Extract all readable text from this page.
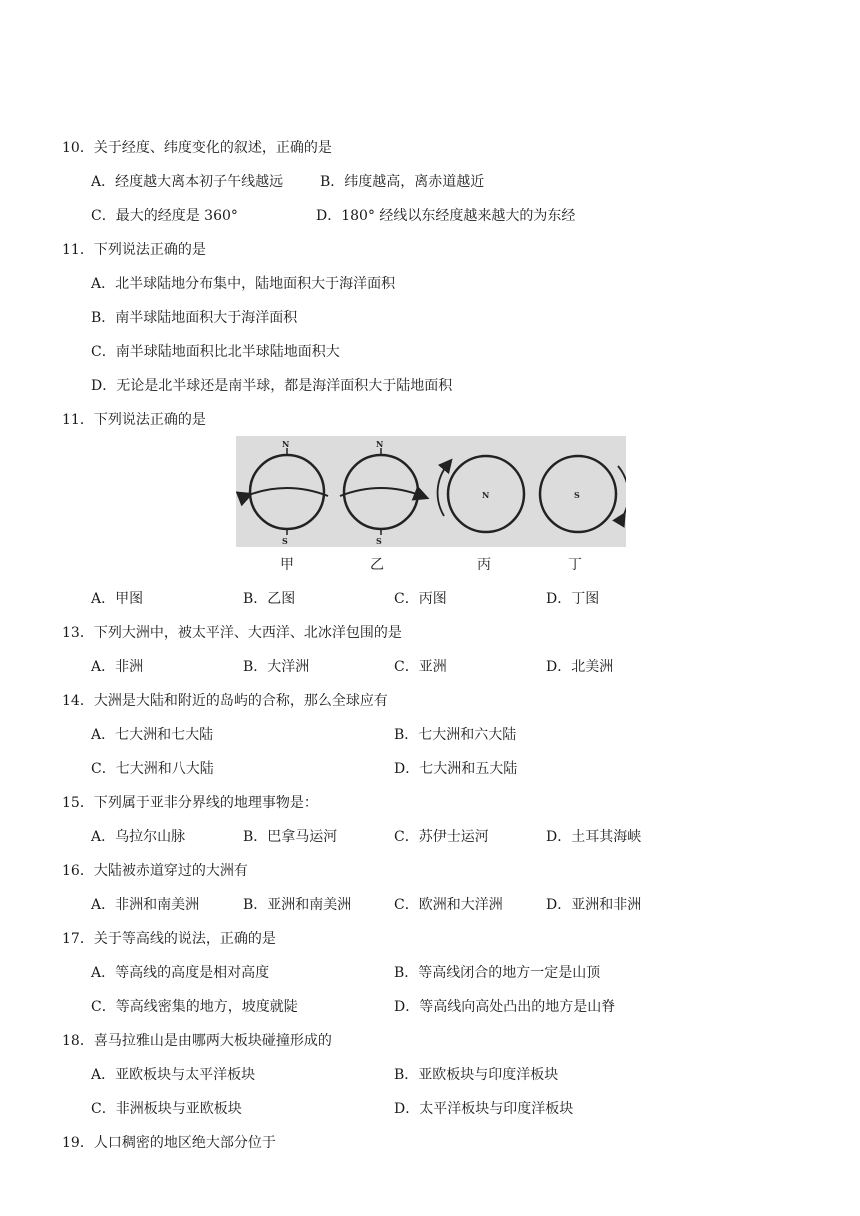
10．关于经度、纬度变化的叙述，正确的是
A．经度越大离本初子午线越远	B．纬度越高，离赤道越近
C．最大的经度是 360°	D．180° 经线以东经度越来越大的为东经
11．下列说法正确的是
A．北半球陆地分布集中，陆地面积大于海洋面积
B．南半球陆地面积大于海洋面积
C．南半球陆地面积比北半球陆地面积大
D．无论是北半球还是南半球，都是海洋面积大于陆地面积
11．下列说法正确的是
N
S
N
S
N	S
甲	乙	丙	丁
A．甲图	B．乙图	C．丙图	D．丁图
13．下列大洲中，被太平洋、大西洋、北冰洋包围的是
A．非洲	B．大洋洲	C．亚洲	D．北美洲
14．大洲是大陆和附近的岛屿的合称，那么全球应有
A．七大洲和七大陆	B．七大洲和六大陆
C．七大洲和八大陆	D．七大洲和五大陆
15．下列属于亚非分界线的地理事物是：
A．乌拉尔山脉	B．巴拿马运河	C．苏伊士运河	D．土耳其海峡
16．大陆被赤道穿过的大洲有
A．非洲和南美洲	B．亚洲和南美洲	C．欧洲和大洋洲	D．亚洲和非洲
17．关于等高线的说法，正确的是
A．等高线的高度是相对高度	B．等高线闭合的地方一定是山顶
C．等高线密集的地方，坡度就陡	D．等高线向高处凸出的地方是山脊
18．喜马拉雅山是由哪两大板块碰撞形成的
A．亚欧板块与太平洋板块	B．亚欧板块与印度洋板块
C．非洲板块与亚欧板块	D．太平洋板块与印度洋板块
19．人口稠密的地区绝大部分位于
